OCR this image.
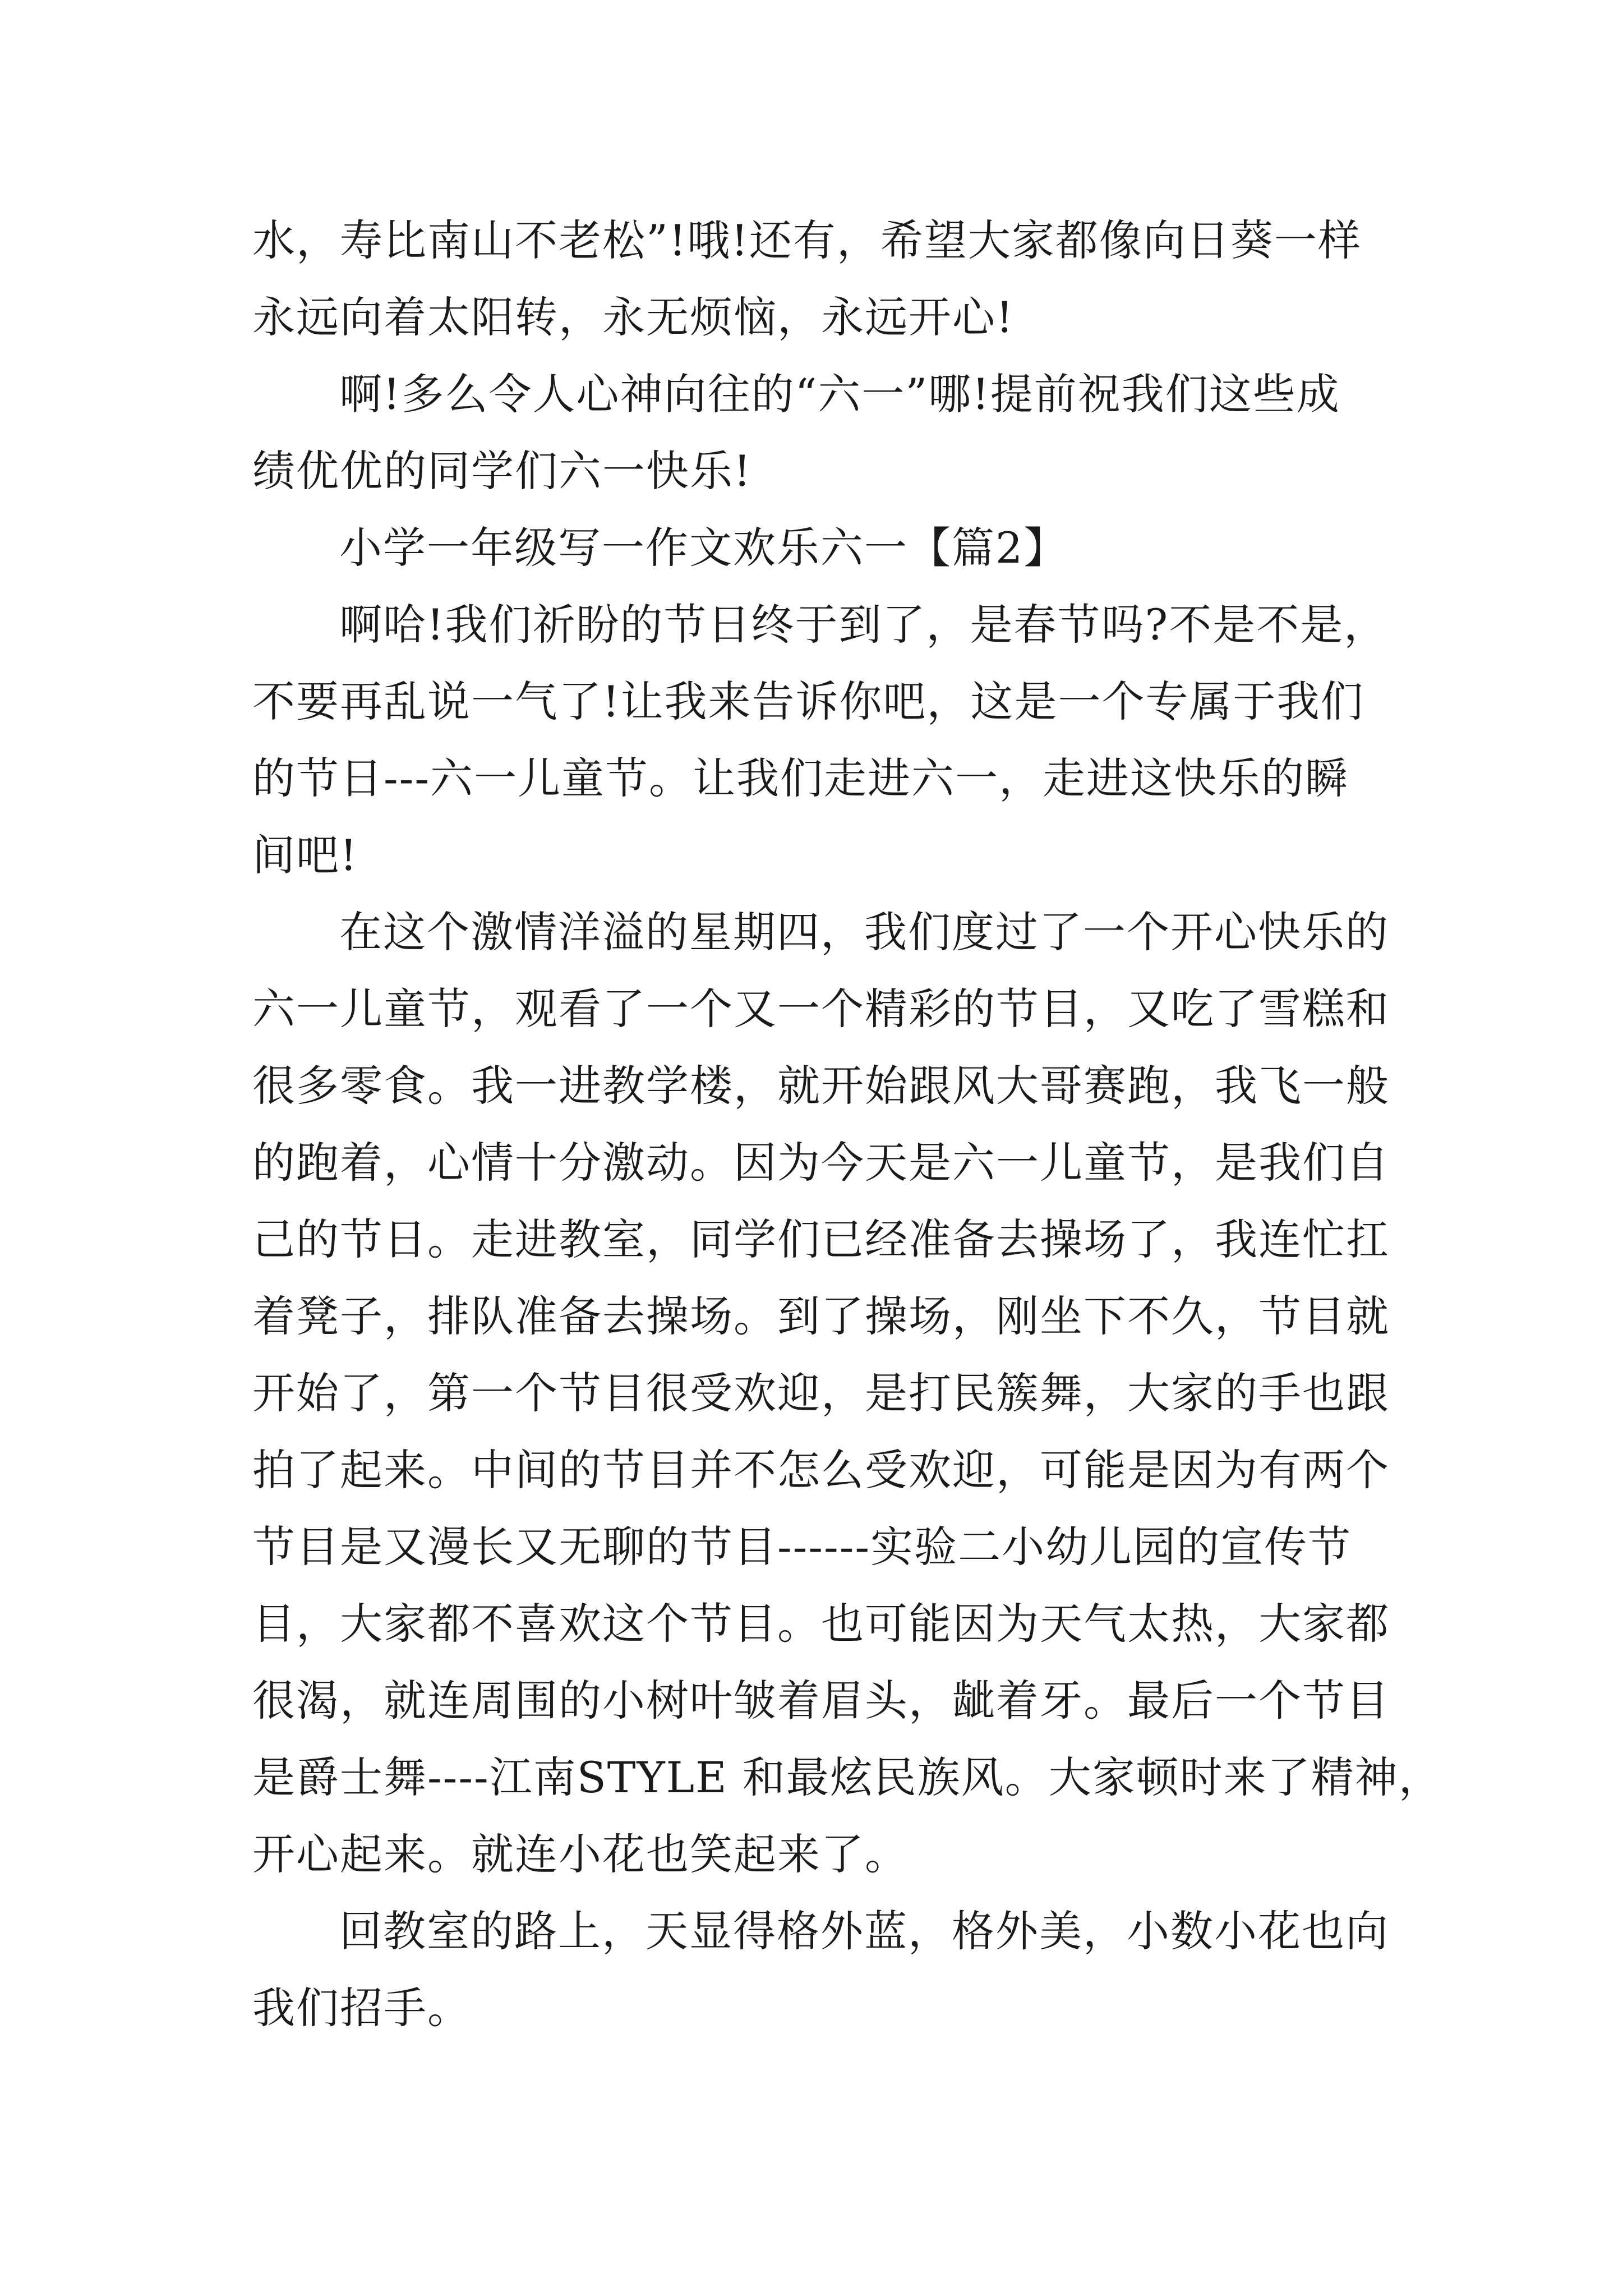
水，寿比南山不老松”!哦!还有，希望大家都像向日葵一样
永远向着太阳转，永无烦恼，永远开心!
啊!多么令人心神向往的“六一”哪!提前祝我们这些成
绩优优的同学们六一快乐!
小学一年级写一作文欢乐六一【篇2】
啊哈!我们祈盼的节日终于到了，是春节吗?不是不是，
不要再乱说一气了!让我来告诉你吧，这是一个专属于我们
的节日---六一儿童节。让我们走进六一，走进这快乐的瞬
间吧!
在这个激情洋溢的星期四，我们度过了一个开心快乐的
六一儿童节，观看了一个又一个精彩的节目，又吃了雪糕和
很多零食。我一进教学楼，就开始跟风大哥赛跑，我飞一般
的跑着，心情十分激动。因为今天是六一儿童节，是我们自
己的节日。走进教室，同学们已经准备去操场了，我连忙扛
着凳子，排队准备去操场。到了操场，刚坐下不久，节目就
开始了，第一个节目很受欢迎，是打民簇舞，大家的手也跟
拍了起来。中间的节目并不怎么受欢迎，可能是因为有两个
节目是又漫长又无聊的节目------实验二小幼儿园的宣传节
目，大家都不喜欢这个节目。也可能因为天气太热，大家都
很渴，就连周围的小树叶皱着眉头，龇着牙。最后一个节目
是爵士舞----江南STYLE 和最炫民族风。大家顿时来了精神，
开心起来。就连小花也笑起来了。
回教室的路上，天显得格外蓝，格外美，小数小花也向
我们招手。
